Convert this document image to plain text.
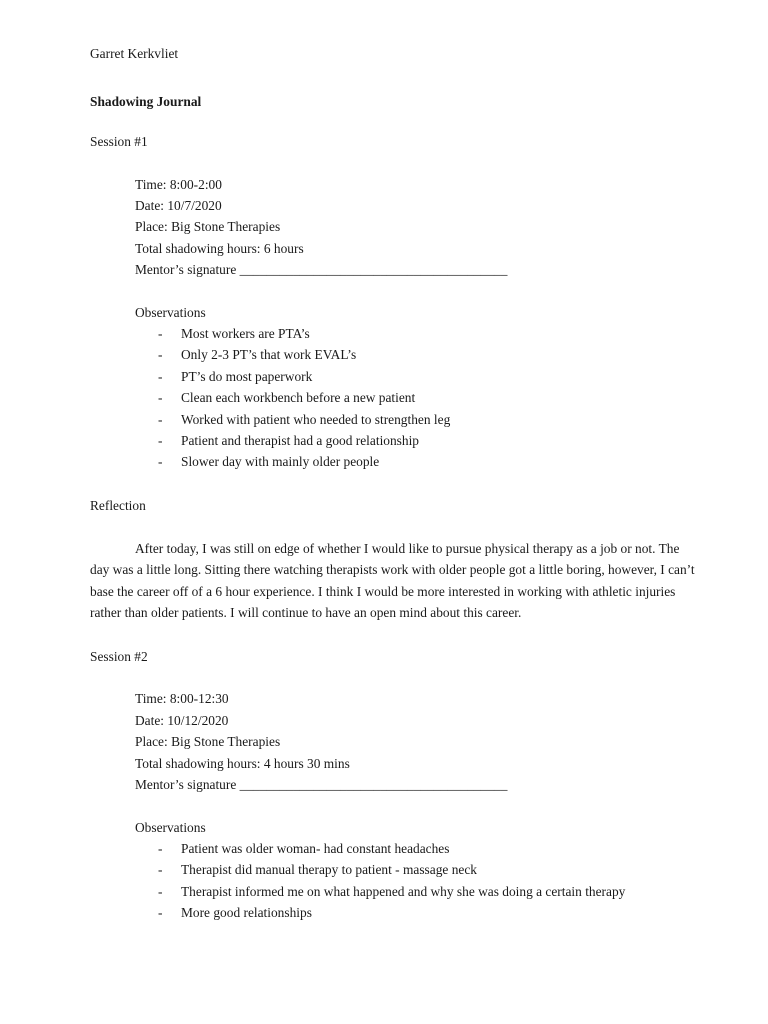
Garret Kerkvliet
Shadowing Journal
Session #1
Time: 8:00-2:00
Date: 10/7/2020
Place: Big Stone Therapies
Total shadowing hours: 6 hours
Mentor’s signature ________________________________________
Observations
- Most workers are PTA’s
- Only 2-3 PT’s that work EVAL’s
- PT’s do most paperwork
- Clean each workbench before a new patient
- Worked with patient who needed to strengthen leg
- Patient and therapist had a good relationship
- Slower day with mainly older people
Reflection
After today, I was still on edge of whether I would like to pursue physical therapy as a job or not. The
day was a little long. Sitting there watching therapists work with older people got a little boring, however, I can’t
base the career off of a 6 hour experience. I think I would be more interested in working with athletic injuries
rather than older patients. I will continue to have an open mind about this career.
Session #2
Time: 8:00-12:30
Date: 10/12/2020
Place: Big Stone Therapies
Total shadowing hours: 4 hours 30 mins
Mentor’s signature ________________________________________
Observations
- Patient was older woman- had constant headaches
- Therapist did manual therapy to patient - massage neck
- Therapist informed me on what happened and why she was doing a certain therapy
- More good relationships
